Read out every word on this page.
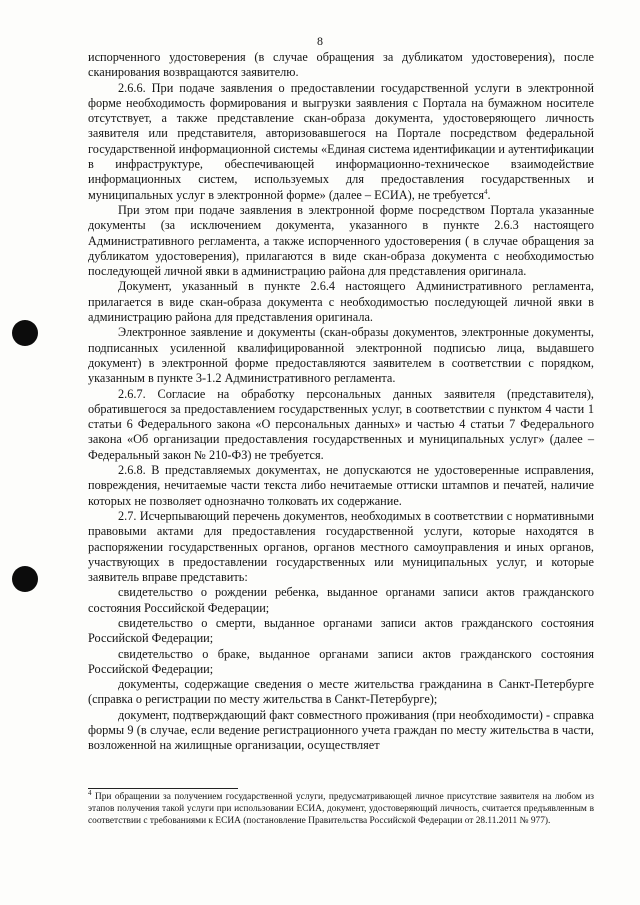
8

испорченного удостоверения (в случае обращения за дубликатом удостоверения), после сканирования возвращаются заявителю.

2.6.6. При подаче заявления о предоставлении государственной услуги в электронной форме необходимость формирования и выгрузки заявления с Портала на бумажном носителе отсутствует, а также представление скан-образа документа, удостоверяющего личность заявителя или представителя, авторизовавшегося на Портале посредством федеральной государственной информационной системы «Единая система идентификации и аутентификации в инфраструктуре, обеспечивающей информационно-техническое взаимодействие информационных систем, используемых для предоставления государственных и муниципальных услуг в электронной форме» (далее – ЕСИА), не требуется$^4$.

При этом при подаче заявления в электронной форме посредством Портала указанные документы (за исключением документа, указанного в пункте 2.6.3 настоящего Административного регламента, а также испорченного удостоверения ( в случае обращения за дубликатом удостоверения), прилагаются в виде скан-образа документа с необходимостью последующей личной явки в администрацию района для представления оригинала.

Документ, указанный в пункте 2.6.4 настоящего Административного регламента, прилагается в виде скан-образа документа с необходимостью последующей личной явки в администрацию района для представления оригинала.

Электронное заявление и документы (скан-образы документов, электронные документы, подписанных усиленной квалифицированной электронной подписью лица, выдавшего документ) в электронной форме предоставляются заявителем в соответствии с порядком, указанным в пункте 3-1.2 Административного регламента.

2.6.7. Согласие на обработку персональных данных заявителя (представителя), обратившегося за предоставлением государственных услуг, в соответствии с пунктом 4 части 1 статьи 6 Федерального закона «О персональных данных» и частью 4 статьи 7 Федерального закона «Об организации предоставления государственных и муниципальных услуг» (далее – Федеральный закон № 210-ФЗ) не требуется.

2.6.8. В представляемых документах, не допускаются не удостоверенные исправления, повреждения, нечитаемые части текста либо нечитаемые оттиски штампов и печатей, наличие которых не позволяет однозначно толковать их содержание.

2.7. Исчерпывающий перечень документов, необходимых в соответствии с нормативными правовыми актами для предоставления государственной услуги, которые находятся в распоряжении государственных органов, органов местного самоуправления и иных органов, участвующих в предоставлении государственных или муниципальных услуг, и которые заявитель вправе представить:

свидетельство о рождении ребенка, выданное органами записи актов гражданского состояния Российской Федерации;

свидетельство о смерти, выданное органами записи актов гражданского состояния Российской Федерации;

свидетельство о браке, выданное органами записи актов гражданского состояния Российской Федерации;

документы, содержащие сведения о месте жительства гражданина в Санкт-Петербурге (справка о регистрации по месту жительства в Санкт-Петербурге);

документ, подтверждающий факт совместного проживания (при необходимости) - справка формы 9 (в случае, если ведение регистрационного учета граждан по месту жительства в части, возложенной на жилищные организации, осуществляет

$^4$ При обращении за получением государственной услуги, предусматривающей личное присутствие заявителя на любом из этапов получения такой услуги при использовании ЕСИА, документ, удостоверяющий личность, считается предъявленным в соответствии с требованиями к ЕСИА (постановление Правительства Российской Федерации от 28.11.2011 № 977).
